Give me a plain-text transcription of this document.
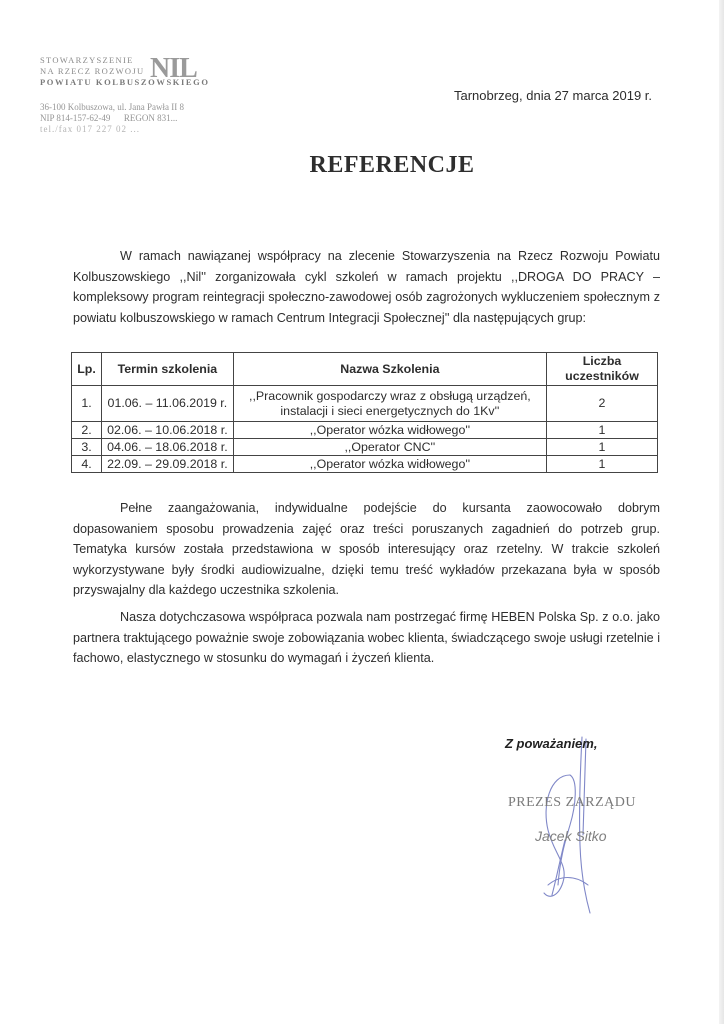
STOWARZYSZENIE
NA RZECZ ROZWOJU
POWIATU KOLBUSZOWSKIEGO
NIL
36-100 Kolbuszowa, ul. Jana Pawła II 8
NIP 814-157-62-49 REGON 831...
tel./fax 017 227 02 ...
Tarnobrzeg, dnia 27 marca 2019 r.
REFERENCJE

W ramach nawiązanej współpracy na zlecenie Stowarzyszenia na Rzecz Rozwoju Powiatu Kolbuszowskiego ,,Nil'' zorganizowała cykl szkoleń w ramach projektu ,,DROGA DO PRACY – kompleksowy program reintegracji społeczno-zawodowej osób zagrożonych wykluczeniem społecznym z powiatu kolbuszowskiego w ramach Centrum Integracji Społecznej'' dla następujących grup:

Lp.	Termin szkolenia	Nazwa Szkolenia	Liczba uczestników
1.	01.06. – 11.06.2019 r.	,,Pracownik gospodarczy wraz z obsługą urządzeń,
instalacji i sieci energetycznych do 1Kv''	2
2.	02.06. – 10.06.2018 r.	,,Operator wózka widłowego''	1
3.	04.06. – 18.06.2018 r.	,,Operator CNC''	1
4.	22.09. – 29.09.2018 r.	,,Operator wózka widłowego''	1

Pełne zaangażowania, indywidualne podejście do kursanta zaowocowało dobrym dopasowaniem sposobu prowadzenia zajęć oraz treści poruszanych zagadnień do potrzeb grup. Tematyka kursów została przedstawiona w sposób interesujący oraz rzetelny. W trakcie szkoleń wykorzystywane były środki audiowizualne, dzięki temu treść wykładów przekazana była w sposób przyswajalny dla każdego uczestnika szkolenia.

Nasza dotychczasowa współpraca pozwala nam postrzegać firmę HEBEN Polska Sp. z o.o. jako partnera traktującego poważnie swoje zobowiązania wobec klienta, świadczącego swoje usługi rzetelnie i fachowo, elastycznego w stosunku do wymagań i życzeń klienta.

Z poważaniem,
PREZES ZARZĄDU
Jacek Sitko
